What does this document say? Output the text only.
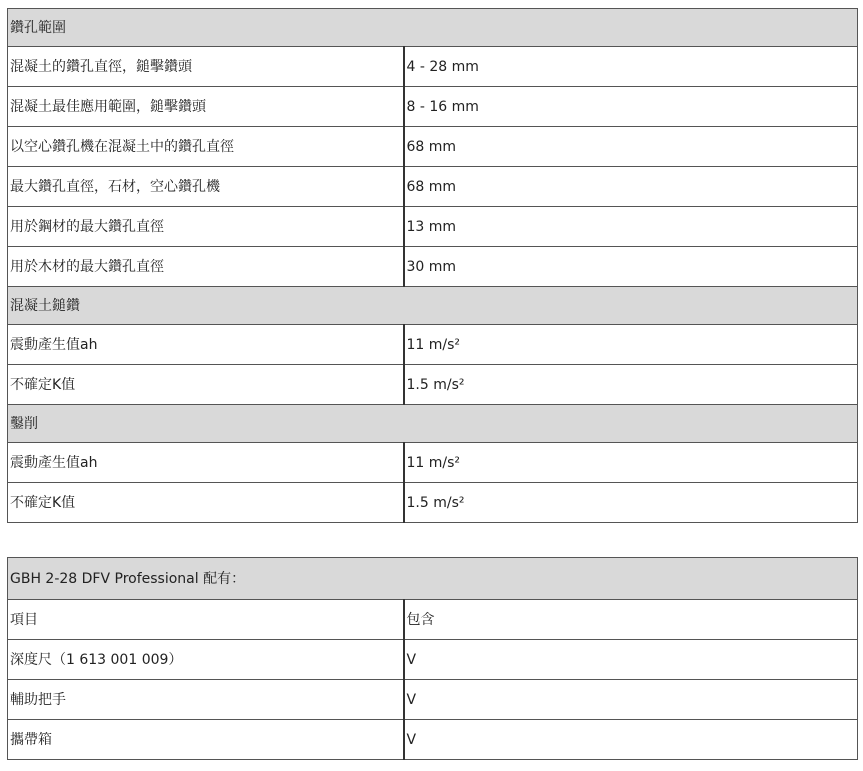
鑽孔範圍	
混凝土的鑽孔直徑，鎚擊鑽頭	4 - 28 mm
混凝土最佳應用範圍，鎚擊鑽頭	8 - 16 mm
以空心鑽孔機在混凝土中的鑽孔直徑	68 mm
最大鑽孔直徑，石材，空心鑽孔機	68 mm
用於鋼材的最大鑽孔直徑	13 mm
用於木材的最大鑽孔直徑	30 mm
混凝土鎚鑽	
震動產生值ah	11 m/s²
不確定K值	1.5 m/s²
鑿削	
震動產生值ah	11 m/s²
不確定K值	1.5 m/s²
GBH 2-28 DFV Professional 配有：	
項目	包含
深度尺（1 613 001 009）	V
輔助把手	V
攜帶箱	V
